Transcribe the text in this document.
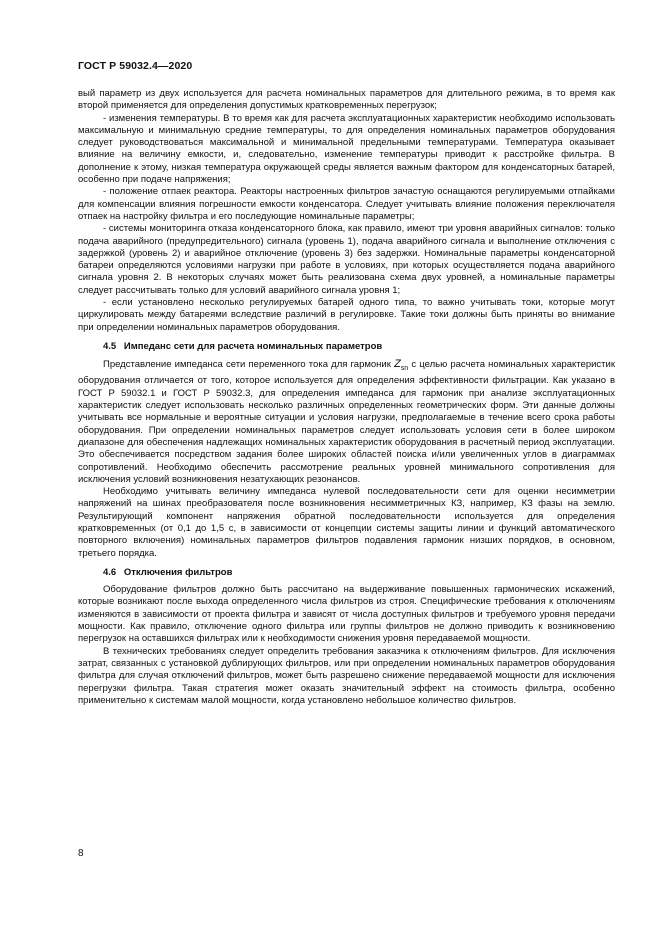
ГОСТ Р 59032.4—2020

вый параметр из двух используется для расчета номинальных параметров для длительного режима, в то время как второй применяется для определения допустимых кратковременных перегрузок;

- изменения температуры. В то время как для расчета эксплуатационных характеристик необходимо использовать максимальную и минимальную средние температуры, то для определения номинальных параметров оборудования следует руководствоваться максимальной и минимальной предельными температурами. Температура оказывает влияние на величину емкости, и, следовательно, изменение температуры приводит к расстройке фильтра. В дополнение к этому, низкая температура окружающей среды является важным фактором для конденсаторных батарей, особенно при подаче напряжения;

- положение отпаек реактора. Реакторы настроенных фильтров зачастую оснащаются регулируемыми отпайками для компенсации влияния погрешности емкости конденсатора. Следует учитывать влияние положения переключателя отпаек на настройку фильтра и его последующие номинальные параметры;

- системы мониторинга отказа конденсаторного блока, как правило, имеют три уровня аварийных сигналов: только подача аварийного (предупредительного) сигнала (уровень 1), подача аварийного сигнала и выполнение отключения с задержкой (уровень 2) и аварийное отключение (уровень 3) без задержки. Номинальные параметры конденсаторной батареи определяются условиями нагрузки при работе в условиях, при которых осуществляется подача аварийного сигнала уровня 2. В некоторых случаях может быть реализована схема двух уровней, а номинальные параметры следует рассчитывать только для условий аварийного сигнала уровня 1;

- если установлено несколько регулируемых батарей одного типа, то важно учитывать токи, которые могут циркулировать между батареями вследствие различий в регулировке. Такие токи должны быть приняты во внимание при определении номинальных параметров оборудования.

4.5 Импеданс сети для расчета номинальных параметров

Представление импеданса сети переменного тока для гармоник $Z_{sn}$ с целью расчета номинальных характеристик оборудования отличается от того, которое используется для определения эффективности фильтрации. Как указано в ГОСТ Р 59032.1 и ГОСТ Р 59032.3, для определения импеданса для гармоник при анализе эксплуатационных характеристик следует использовать несколько различных определенных геометрических форм. Эти данные должны учитывать все нормальные и вероятные ситуации и условия нагрузки, предполагаемые в течение всего срока работы оборудования. При определении номинальных параметров следует использовать условия сети в более широком диапазоне для обеспечения надлежащих номинальных характеристик оборудования в расчетный период эксплуатации. Это обеспечивается посредством задания более широких областей поиска и/или увеличенных углов в диаграммах сопротивлений. Необходимо обеспечить рассмотрение реальных уровней минимального сопротивления для исключения условий возникновения незатухающих резонансов.

Необходимо учитывать величину импеданса нулевой последовательности сети для оценки несимметрии напряжений на шинах преобразователя после возникновения несимметричных КЗ, например, КЗ фазы на землю. Результирующий компонент напряжения обратной последовательности используется для определения кратковременных (от 0,1 до 1,5 с, в зависимости от концепции системы защиты линии и функций автоматического повторного включения) номинальных параметров фильтров подавления гармоник низших порядков, в основном, третьего порядка.

4.6 Отключения фильтров

Оборудование фильтров должно быть рассчитано на выдерживание повышенных гармонических искажений, которые возникают после выхода определенного числа фильтров из строя. Специфические требования к отключениям изменяются в зависимости от проекта фильтра и зависят от числа доступных фильтров и требуемого уровня передачи мощности. Как правило, отключение одного фильтра или группы фильтров не должно приводить к возникновению перегрузок на оставшихся фильтрах или к необходимости снижения уровня передаваемой мощности.

В технических требованиях следует определить требования заказчика к отключениям фильтров. Для исключения затрат, связанных с установкой дублирующих фильтров, или при определении номинальных параметров оборудования фильтра для случая отключений фильтров, может быть разрешено снижение передаваемой мощности для исключения перегрузки фильтра. Такая стратегия может оказать значительный эффект на стоимость фильтра, особенно применительно к системам малой мощности, когда установлено небольшое количество фильтров.

8
